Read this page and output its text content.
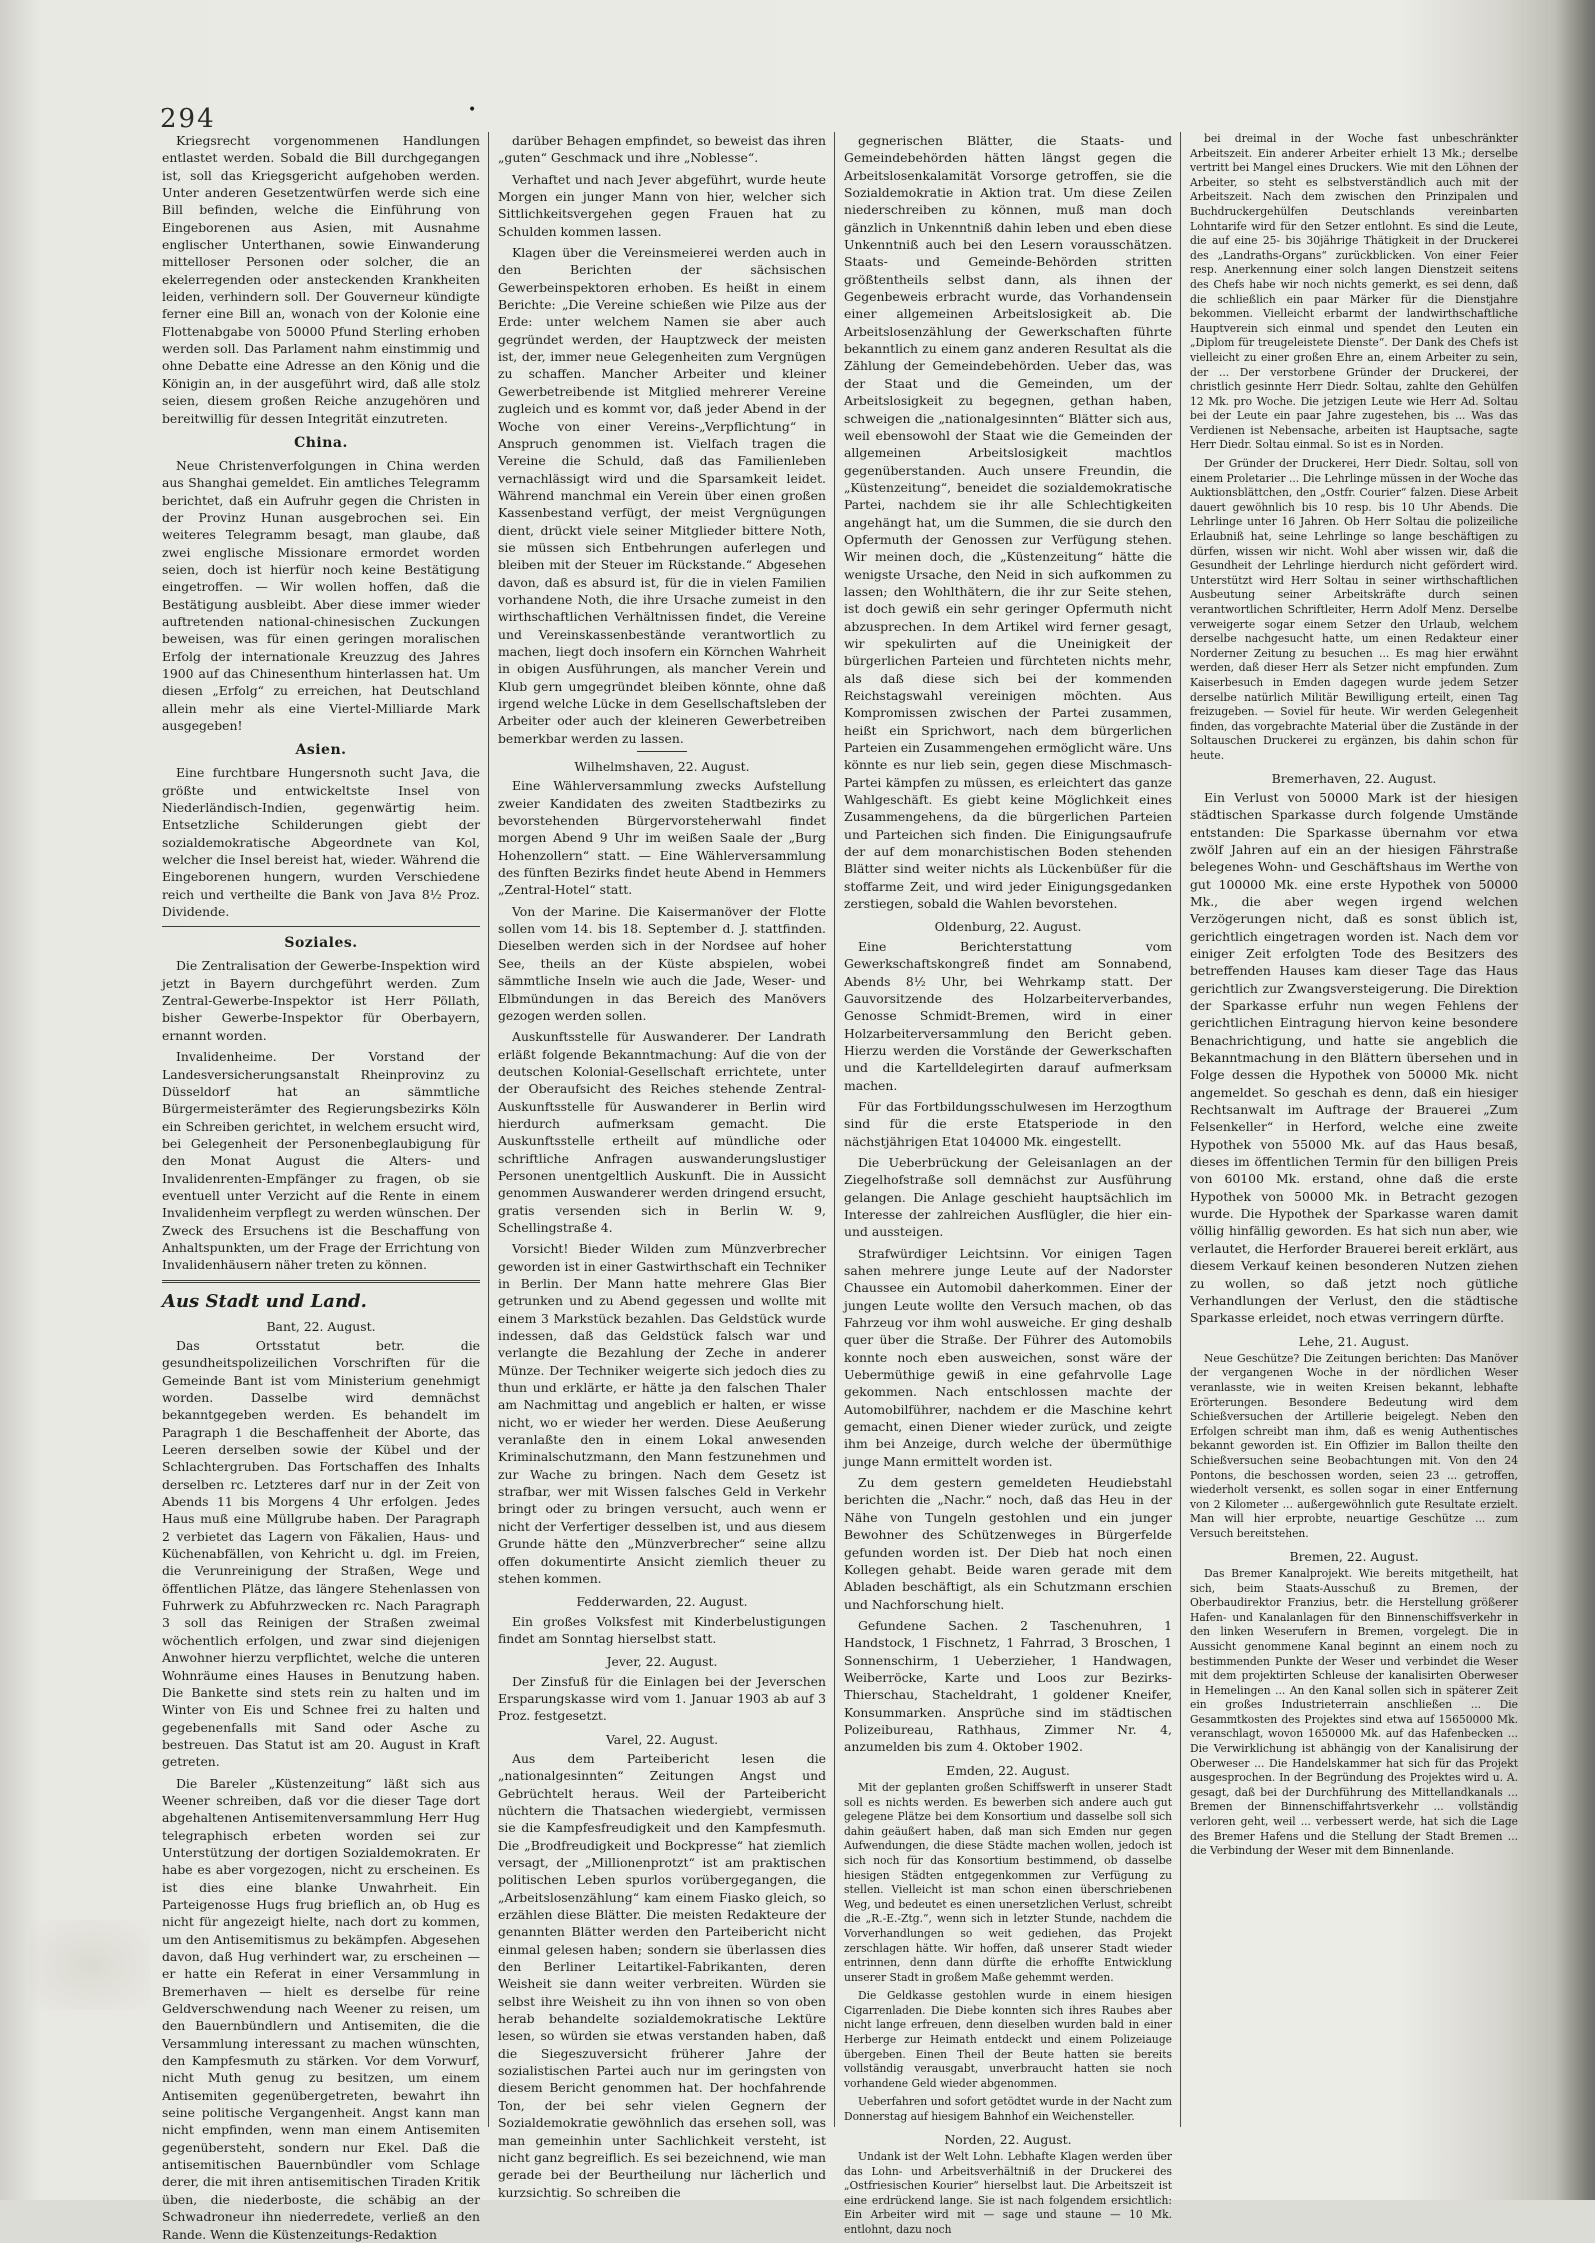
294	•

Kriegsrecht vorgenommenen Handlungen entlastet werden. Sobald die Bill durchgegangen ist, soll das Kriegsgericht aufgehoben werden. Unter anderen Gesetzentwürfen werde sich eine Bill befinden, welche die Einführung von Eingeborenen aus Asien, mit Ausnahme englischer Unterthanen, sowie Einwanderung mittelloser Personen oder solcher, die an ekelerregenden oder ansteckenden Krankheiten leiden, verhindern soll. Der Gouverneur kündigte ferner eine Bill an, wonach von der Kolonie eine Flottenabgabe von 50000 Pfund Sterling erhoben werden soll. Das Parlament nahm einstimmig und ohne Debatte eine Adresse an den König und die Königin an, in der ausgeführt wird, daß alle stolz seien, diesem großen Reiche anzugehören und bereitwillig für dessen Integrität einzutreten.

China.

Neue Christenverfolgungen in China werden aus Shanghai gemeldet. Ein amtliches Telegramm berichtet, daß ein Aufruhr gegen die Christen in der Provinz Hunan ausgebrochen sei. Ein weiteres Telegramm besagt, man glaube, daß zwei englische Missionare ermordet worden seien, doch ist hierfür noch keine Bestätigung eingetroffen. — Wir wollen hoffen, daß die Bestätigung ausbleibt. Aber diese immer wieder auftretenden national-chinesischen Zuckungen beweisen, was für einen geringen moralischen Erfolg der internationale Kreuzzug des Jahres 1900 auf das Chinesenthum hinterlassen hat. Um diesen „Erfolg“ zu erreichen, hat Deutschland allein mehr als eine Viertel-Milliarde Mark ausgegeben!

Asien.

Eine furchtbare Hungersnoth sucht Java, die größte und entwickeltste Insel von Niederländisch-Indien, gegenwärtig heim. Entsetzliche Schilderungen giebt der sozialdemokratische Abgeordnete van Kol, welcher die Insel bereist hat, wieder. Während die Eingeborenen hungern, wurden Verschiedene reich und vertheilte die Bank von Java 8½ Proz. Dividende.

Soziales.

Die Zentralisation der Gewerbe-Inspektion wird jetzt in Bayern durchgeführt werden. Zum Zentral-Gewerbe-Inspektor ist Herr Pöllath, bisher Gewerbe-Inspektor für Oberbayern, ernannt worden.

Invalidenheime. Der Vorstand der Landesversicherungsanstalt Rheinprovinz zu Düsseldorf hat an sämmtliche Bürgermeisterämter des Regierungsbezirks Köln ein Schreiben gerichtet, in welchem ersucht wird, bei Gelegenheit der Personenbeglaubigung für den Monat August die Alters- und Invalidenrenten-Empfänger zu fragen, ob sie eventuell unter Verzicht auf die Rente in einem Invalidenheim verpflegt zu werden wünschen. Der Zweck des Ersuchens ist die Beschaffung von Anhaltspunkten, um der Frage der Errichtung von Invalidenhäusern näher treten zu können.

Aus Stadt und Land.

Bant, 22. August.

Das Ortsstatut betr. die gesundheitspolizeilichen Vorschriften für die Gemeinde Bant ist vom Ministerium genehmigt worden. Dasselbe wird demnächst bekanntgegeben werden. Es behandelt im Paragraph 1 die Beschaffenheit der Aborte, das Leeren derselben sowie der Kübel und der Schlachtergruben. Das Fortschaffen des Inhalts derselben rc. Letzteres darf nur in der Zeit von Abends 11 bis Morgens 4 Uhr erfolgen. Jedes Haus muß eine Müllgrube haben. Der Paragraph 2 verbietet das Lagern von Fäkalien, Haus- und Küchenabfällen, von Kehricht u. dgl. im Freien, die Verunreinigung der Straßen, Wege und öffentlichen Plätze, das längere Stehenlassen von Fuhrwerk zu Abfuhrzwecken rc. Nach Paragraph 3 soll das Reinigen der Straßen zweimal wöchentlich erfolgen, und zwar sind diejenigen Anwohner hierzu verpflichtet, welche die unteren Wohnräume eines Hauses in Benutzung haben. Die Bankette sind stets rein zu halten und im Winter von Eis und Schnee frei zu halten und gegebenenfalls mit Sand oder Asche zu bestreuen. Das Statut ist am 20. August in Kraft getreten.

Die Bareler „Küstenzeitung“ läßt sich aus Weener schreiben, daß vor die dieser Tage dort abgehaltenen Antisemitenversammlung Herr Hug telegraphisch erbeten worden sei zur Unterstützung der dortigen Sozialdemokraten. Er habe es aber vorgezogen, nicht zu erscheinen. Es ist dies eine blanke Unwahrheit. Ein Parteigenosse Hugs frug brieflich an, ob Hug es nicht für angezeigt hielte, nach dort zu kommen, um den Antisemitismus zu bekämpfen. Abgesehen davon, daß Hug verhindert war, zu erscheinen — er hatte ein Referat in einer Versammlung in Bremerhaven — hielt es derselbe für reine Geldverschwendung nach Weener zu reisen, um den Bauernbündlern und Antisemiten, die die Versammlung interessant zu machen wünschten, den Kampfesmuth zu stärken. Vor dem Vorwurf, nicht Muth genug zu besitzen, um einem Antisemiten gegenübergetreten, bewahrt ihn seine politische Vergangenheit. Angst kann man nicht empfinden, wenn man einem Antisemiten gegenübersteht, sondern nur Ekel. Daß die antisemitischen Bauernbündler vom Schlage derer, die mit ihren antisemitischen Tiraden Kritik üben, die niederboste, die schäbig an der Schwadroneur ihn niederredete, verließ an den Rande. Wenn die Küstenzeitungs-Redaktion

darüber Behagen empfindet, so beweist das ihren „guten“ Geschmack und ihre „Noblesse“.

Verhaftet und nach Jever abgeführt, wurde heute Morgen ein junger Mann von hier, welcher sich Sittlichkeitsvergehen gegen Frauen hat zu Schulden kommen lassen.

Klagen über die Vereinsmeierei werden auch in den Berichten der sächsischen Gewerbeinspektoren erhoben. Es heißt in einem Berichte: „Die Vereine schießen wie Pilze aus der Erde: unter welchem Namen sie aber auch gegründet werden, der Hauptzweck der meisten ist, der, immer neue Gelegenheiten zum Vergnügen zu schaffen. Mancher Arbeiter und kleiner Gewerbetreibende ist Mitglied mehrerer Vereine zugleich und es kommt vor, daß jeder Abend in der Woche von einer Vereins-„Verpflichtung“ in Anspruch genommen ist. Vielfach tragen die Vereine die Schuld, daß das Familienleben vernachlässigt wird und die Sparsamkeit leidet. Während manchmal ein Verein über einen großen Kassenbestand verfügt, der meist Vergnügungen dient, drückt viele seiner Mitglieder bittere Noth, sie müssen sich Entbehrungen auferlegen und bleiben mit der Steuer im Rückstande.“ Abgesehen davon, daß es absurd ist, für die in vielen Familien vorhandene Noth, die ihre Ursache zumeist in den wirthschaftlichen Verhältnissen findet, die Vereine und Vereinskassenbestände verantwortlich zu machen, liegt doch insofern ein Körnchen Wahrheit in obigen Ausführungen, als mancher Verein und Klub gern umgegründet bleiben könnte, ohne daß irgend welche Lücke in dem Gesellschaftsleben der Arbeiter oder auch der kleineren Gewerbetreiben bemerkbar werden zu lassen.

Wilhelmshaven, 22. August.

Eine Wählerversammlung zwecks Aufstellung zweier Kandidaten des zweiten Stadtbezirks zu bevorstehenden Bürgervorsteherwahl findet morgen Abend 9 Uhr im weißen Saale der „Burg Hohenzollern“ statt. — Eine Wählerversammlung des fünften Bezirks findet heute Abend in Hemmers „Zentral-Hotel“ statt.

Von der Marine. Die Kaisermanöver der Flotte sollen vom 14. bis 18. September d. J. stattfinden. Dieselben werden sich in der Nordsee auf hoher See, theils an der Küste abspielen, wobei sämmtliche Inseln wie auch die Jade, Weser- und Elbmündungen in das Bereich des Manövers gezogen werden sollen.

Auskunftsstelle für Auswanderer. Der Landrath erläßt folgende Bekanntmachung: Auf die von der deutschen Kolonial-Gesellschaft errichtete, unter der Oberaufsicht des Reiches stehende Zentral-Auskunftsstelle für Auswanderer in Berlin wird hierdurch aufmerksam gemacht. Die Auskunftsstelle ertheilt auf mündliche oder schriftliche Anfragen auswanderungslustiger Personen unentgeltlich Auskunft. Die in Aussicht genommen Auswanderer werden dringend ersucht, gratis versenden sich in Berlin W. 9, Schellingstraße 4.

Vorsicht! Bieder Wilden zum Münzverbrecher geworden ist in einer Gastwirthschaft ein Techniker in Berlin. Der Mann hatte mehrere Glas Bier getrunken und zu Abend gegessen und wollte mit einem 3 Markstück bezahlen. Das Geldstück wurde indessen, daß das Geldstück falsch war und verlangte die Bezahlung der Zeche in anderer Münze. Der Techniker weigerte sich jedoch dies zu thun und erklärte, er hätte ja den falschen Thaler am Nachmittag und angeblich er halten, er wisse nicht, wo er wieder her werden. Diese Aeußerung veranlaßte den in einem Lokal anwesenden Kriminalschutzmann, den Mann festzunehmen und zur Wache zu bringen. Nach dem Gesetz ist strafbar, wer mit Wissen falsches Geld in Verkehr bringt oder zu bringen versucht, auch wenn er nicht der Verfertiger desselben ist, und aus diesem Grunde hätte den „Münzverbrecher“ seine allzu offen dokumentirte Ansicht ziemlich theuer zu stehen kommen.

Fedderwarden, 22. August.

Ein großes Volksfest mit Kinderbelustigungen findet am Sonntag hierselbst statt.

Jever, 22. August.

Der Zinsfuß für die Einlagen bei der Jeverschen Ersparungskasse wird vom 1. Januar 1903 ab auf 3 Proz. festgesetzt.

Varel, 22. August.

Aus dem Parteibericht lesen die „nationalgesinnten“ Zeitungen Angst und Gebrüchtelt heraus. Weil der Parteibericht nüchtern die Thatsachen wiedergiebt, vermissen sie die Kampfesfreudigkeit und den Kampfesmuth. Die „Brodfreudigkeit und Bockpresse“ hat ziemlich versagt, der „Millionenprotzt“ ist am praktischen politischen Leben spurlos vorübergegangen, die „Arbeitslosenzählung“ kam einem Fiasko gleich, so erzählen diese Blätter. Die meisten Redakteure der genannten Blätter werden den Parteibericht nicht einmal gelesen haben; sondern sie überlassen dies den Berliner Leitartikel-Fabrikanten, deren Weisheit sie dann weiter verbreiten. Würden sie selbst ihre Weisheit zu ihn von ihnen so von oben herab behandelte sozialdemokratische Lektüre lesen, so würden sie etwas verstanden haben, daß die Siegeszuversicht früherer Jahre der sozialistischen Partei auch nur im geringsten von diesem Bericht genommen hat. Der hochfahrende Ton, der bei sehr vielen Gegnern der Sozialdemokratie gewöhnlich das ersehen soll, was man gemeinhin unter Sachlichkeit versteht, ist nicht ganz begreiflich. Es sei bezeichnend, wie man gerade bei der Beurtheilung nur lächerlich und kurzsichtig. So schreiben die

gegnerischen Blätter, die Staats- und Gemeindebehörden hätten längst gegen die Arbeitslosenkalamität Vorsorge getroffen, sie die Sozialdemokratie in Aktion trat. Um diese Zeilen niederschreiben zu können, muß man doch gänzlich in Unkenntniß dahin leben und eben diese Unkenntniß auch bei den Lesern vorausschätzen. Staats- und Gemeinde-Behörden stritten größtentheils selbst dann, als ihnen der Gegenbeweis erbracht wurde, das Vorhandensein einer allgemeinen Arbeitslosigkeit ab. Die Arbeitslosenzählung der Gewerkschaften führte bekanntlich zu einem ganz anderen Resultat als die Zählung der Gemeindebehörden. Ueber das, was der Staat und die Gemeinden, um der Arbeitslosigkeit zu begegnen, gethan haben, schweigen die „nationalgesinnten“ Blätter sich aus, weil ebensowohl der Staat wie die Gemeinden der allgemeinen Arbeitslosigkeit machtlos gegenüberstanden. Auch unsere Freundin, die „Küstenzeitung“, beneidet die sozialdemokratische Partei, nachdem sie ihr alle Schlechtigkeiten angehängt hat, um die Summen, die sie durch den Opfermuth der Genossen zur Verfügung stehen. Wir meinen doch, die „Küstenzeitung“ hätte die wenigste Ursache, den Neid in sich aufkommen zu lassen; den Wohlthätern, die ihr zur Seite stehen, ist doch gewiß ein sehr geringer Opfermuth nicht abzusprechen. In dem Artikel wird ferner gesagt, wir spekulirten auf die Uneinigkeit der bürgerlichen Parteien und fürchteten nichts mehr, als daß diese sich bei der kommenden Reichstagswahl vereinigen möchten. Aus Kompromissen zwischen der Partei zusammen, heißt ein Sprichwort, nach dem bürgerlichen Parteien ein Zusammengehen ermöglicht wäre. Uns könnte es nur lieb sein, gegen diese Mischmasch-Partei kämpfen zu müssen, es erleichtert das ganze Wahlgeschäft. Es giebt keine Möglichkeit eines Zusammengehens, da die bürgerlichen Parteien und Parteichen sich finden. Die Einigungsaufrufe der auf dem monarchistischen Boden stehenden Blätter sind weiter nichts als Lückenbüßer für die stoffarme Zeit, und wird jeder Einigungsgedanken zerstiegen, sobald die Wahlen bevorstehen.

Oldenburg, 22. August.

Eine Berichterstattung vom Gewerkschaftskongreß findet am Sonnabend, Abends 8½ Uhr, bei Wehrkamp statt. Der Gauvorsitzende des Holzarbeiterverbandes, Genosse Schmidt-Bremen, wird in einer Holzarbeiterversammlung den Bericht geben. Hierzu werden die Vorstände der Gewerkschaften und die Kartelldelegirten darauf aufmerksam machen.

Für das Fortbildungsschulwesen im Herzogthum sind für die erste Etatsperiode in den nächstjährigen Etat 104000 Mk. eingestellt.

Die Ueberbrückung der Geleisanlagen an der Ziegelhofstraße soll demnächst zur Ausführung gelangen. Die Anlage geschieht hauptsächlich im Interesse der zahlreichen Ausflügler, die hier ein- und aussteigen.

Strafwürdiger Leichtsinn. Vor einigen Tagen sahen mehrere junge Leute auf der Nadorster Chaussee ein Automobil daherkommen. Einer der jungen Leute wollte den Versuch machen, ob das Fahrzeug vor ihm wohl ausweiche. Er ging deshalb quer über die Straße. Der Führer des Automobils konnte noch eben ausweichen, sonst wäre der Uebermüthige gewiß in eine gefahrvolle Lage gekommen. Nach entschlossen machte der Automobilführer, nachdem er die Maschine kehrt gemacht, einen Diener wieder zurück, und zeigte ihm bei Anzeige, durch welche der übermüthige junge Mann ermittelt worden ist.

Zu dem gestern gemeldeten Heudiebstahl berichten die „Nachr.“ noch, daß das Heu in der Nähe von Tungeln gestohlen und ein junger Bewohner des Schützenweges in Bürgerfelde gefunden worden ist. Der Dieb hat noch einen Kollegen gehabt. Beide waren gerade mit dem Abladen beschäftigt, als ein Schutzmann erschien und Nachforschung hielt.

Gefundene Sachen. 2 Taschenuhren, 1 Handstock, 1 Fischnetz, 1 Fahrrad, 3 Broschen, 1 Sonnenschirm, 1 Ueberzieher, 1 Handwagen, Weiberröcke, Karte und Loos zur Bezirks-Thierschau, Stacheldraht, 1 goldener Kneifer, Konsummarken. Ansprüche sind im städtischen Polizeibureau, Rathhaus, Zimmer Nr. 4, anzumelden bis zum 4. Oktober 1902.

Emden, 22. August.

Mit der geplanten großen Schiffswerft in unserer Stadt soll es nichts werden. Es bewerben sich andere auch gut gelegene Plätze bei dem Konsortium und dasselbe soll sich dahin geäußert haben, daß man sich Emden nur gegen Aufwendungen, die diese Städte machen wollen, jedoch ist sich noch für das Konsortium bestimmend, ob dasselbe hiesigen Städten entgegenkommen zur Verfügung zu stellen. Vielleicht ist man schon einen überschriebenen Weg, und bedeutet es einen unersetzlichen Verlust, schreibt die „R.-E.-Ztg.“, wenn sich in letzter Stunde, nachdem die Vorverhandlungen so weit gediehen, das Projekt zerschlagen hätte. Wir hoffen, daß unserer Stadt wieder entrinnen, denn dann dürfte die erhoffte Entwicklung unserer Stadt in großem Maße gehemmt werden.

Die Geldkasse gestohlen wurde in einem hiesigen Cigarrenladen. Die Diebe konnten sich ihres Raubes aber nicht lange erfreuen, denn dieselben wurden bald in einer Herberge zur Heimath entdeckt und einem Polizeiauge übergeben. Einen Theil der Beute hatten sie bereits vollständig verausgabt, unverbraucht hatten sie noch vorhandene Geld wieder abgenommen.

Ueberfahren und sofort getödtet wurde in der Nacht zum Donnerstag auf hiesigem Bahnhof ein Weichensteller.

Norden, 22. August.

Undank ist der Welt Lohn. Lebhafte Klagen werden über das Lohn- und Arbeitsverhältniß in der Druckerei des „Ostfriesischen Kourier“ hierselbst laut. Die Arbeitszeit ist eine erdrückend lange. Sie ist nach folgendem ersichtlich: Ein Arbeiter wird mit — sage und staune — 10 Mk. entlohnt, dazu noch

bei dreimal in der Woche fast unbeschränkter Arbeitszeit. Ein anderer Arbeiter erhielt 13 Mk.; derselbe vertritt bei Mangel eines Druckers. Wie mit den Löhnen der Arbeiter, so steht es selbstverständlich auch mit der Arbeitszeit. Nach dem zwischen den Prinzipalen und Buchdruckergehülfen Deutschlands vereinbarten Lohntarife wird für den Setzer entlohnt. Es sind die Leute, die auf eine 25- bis 30jährige Thätigkeit in der Druckerei des „Landraths-Organs“ zurückblicken. Von einer Feier resp. Anerkennung einer solch langen Dienstzeit seitens des Chefs habe wir noch nichts gemerkt, es sei denn, daß die schließlich ein paar Märker für die Dienstjahre bekommen. Vielleicht erbarmt der landwirthschaftliche Hauptverein sich einmal und spendet den Leuten ein „Diplom für treugeleistete Dienste“. Der Dank des Chefs ist vielleicht zu einer großen Ehre an, einem Arbeiter zu sein, der ... Der verstorbene Gründer der Druckerei, der christlich gesinnte Herr Diedr. Soltau, zahlte den Gehülfen 12 Mk. pro Woche. Die jetzigen Leute wie Herr Ad. Soltau bei der Leute ein paar Jahre zugestehen, bis ... Was das Verdienen ist Nebensache, arbeiten ist Hauptsache, sagte Herr Diedr. Soltau einmal. So ist es in Norden.

Der Gründer der Druckerei, Herr Diedr. Soltau, soll von einem Proletarier ... Die Lehrlinge müssen in der Woche das Auktionsblättchen, den „Ostfr. Courier“ falzen. Diese Arbeit dauert gewöhnlich bis 10 resp. bis 10 Uhr Abends. Die Lehrlinge unter 16 Jahren. Ob Herr Soltau die polizeiliche Erlaubniß hat, seine Lehrlinge so lange beschäftigen zu dürfen, wissen wir nicht. Wohl aber wissen wir, daß die Gesundheit der Lehrlinge hierdurch nicht gefördert wird. Unterstützt wird Herr Soltau in seiner wirthschaftlichen Ausbeutung seiner Arbeitskräfte durch seinen verantwortlichen Schriftleiter, Herrn Adolf Menz. Derselbe verweigerte sogar einem Setzer den Urlaub, welchem derselbe nachgesucht hatte, um einen Redakteur einer Norderner Zeitung zu besuchen ... Es mag hier erwähnt werden, daß dieser Herr als Setzer nicht empfunden. Zum Kaiserbesuch in Emden dagegen wurde jedem Setzer derselbe natürlich Militär Bewilligung erteilt, einen Tag freizugeben. — Soviel für heute. Wir werden Gelegenheit finden, das vorgebrachte Material über die Zustände in der Soltauschen Druckerei zu ergänzen, bis dahin schon für heute.

Bremerhaven, 22. August.

Ein Verlust von 50000 Mark ist der hiesigen städtischen Sparkasse durch folgende Umstände entstanden: Die Sparkasse übernahm vor etwa zwölf Jahren auf ein an der hiesigen Fährstraße belegenes Wohn- und Geschäftshaus im Werthe von gut 100000 Mk. eine erste Hypothek von 50000 Mk., die aber wegen irgend welchen Verzögerungen nicht, daß es sonst üblich ist, gerichtlich eingetragen worden ist. Nach dem vor einiger Zeit erfolgten Tode des Besitzers des betreffenden Hauses kam dieser Tage das Haus gerichtlich zur Zwangsversteigerung. Die Direktion der Sparkasse erfuhr nun wegen Fehlens der gerichtlichen Eintragung hiervon keine besondere Benachrichtigung, und hatte sie angeblich die Bekanntmachung in den Blättern übersehen und in Folge dessen die Hypothek von 50000 Mk. nicht angemeldet. So geschah es denn, daß ein hiesiger Rechtsanwalt im Auftrage der Brauerei „Zum Felsenkeller“ in Herford, welche eine zweite Hypothek von 55000 Mk. auf das Haus besaß, dieses im öffentlichen Termin für den billigen Preis von 60100 Mk. erstand, ohne daß die erste Hypothek von 50000 Mk. in Betracht gezogen wurde. Die Hypothek der Sparkasse waren damit völlig hinfällig geworden. Es hat sich nun aber, wie verlautet, die Herforder Brauerei bereit erklärt, aus diesem Verkauf keinen besonderen Nutzen ziehen zu wollen, so daß jetzt noch gütliche Verhandlungen der Verlust, den die städtische Sparkasse erleidet, noch etwas verringern dürfte.

Lehe, 21. August.

Neue Geschütze? Die Zeitungen berichten: Das Manöver der vergangenen Woche in der nördlichen Weser veranlasste, wie in weiten Kreisen bekannt, lebhafte Erörterungen. Besondere Bedeutung wird dem Schießversuchen der Artillerie beigelegt. Neben den Erfolgen schreibt man ihm, daß es wenig Authentisches bekannt geworden ist. Ein Offizier im Ballon theilte den Schießversuchen seine Beobachtungen mit. Von den 24 Pontons, die beschossen worden, seien 23 ... getroffen, wiederholt versenkt, es sollen sogar in einer Entfernung von 2 Kilometer ... außergewöhnlich gute Resultate erzielt. Man will hier erprobte, neuartige Geschütze ... zum Versuch bereitstehen.

Bremen, 22. August.

Das Bremer Kanalprojekt. Wie bereits mitgetheilt, hat sich, beim Staats-Ausschuß zu Bremen, der Oberbaudirektor Franzius, betr. die Herstellung größerer Hafen- und Kanalanlagen für den Binnenschiffsverkehr in den linken Weserufern in Bremen, vorgelegt. Die in Aussicht genommene Kanal beginnt an einem noch zu bestimmenden Punkte der Weser und verbindet die Weser mit dem projektirten Schleuse der kanalisirten Oberweser in Hemelingen ... An den Kanal sollen sich in späterer Zeit ein großes Industrieterrain anschließen ... Die Gesammtkosten des Projektes sind etwa auf 15650000 Mk. veranschlagt, wovon 1650000 Mk. auf das Hafenbecken ... Die Verwirklichung ist abhängig von der Kanalisirung der Oberweser ... Die Handelskammer hat sich für das Projekt ausgesprochen. In der Begründung des Projektes wird u. A. gesagt, daß bei der Durchführung des Mittellandkanals ... Bremen der Binnenschiffahrtsverkehr ... vollständig verloren geht, weil ... verbessert werde, hat sich die Lage des Bremer Hafens und die Stellung der Stadt Bremen ... die Verbindung der Weser mit dem Binnenlande.
